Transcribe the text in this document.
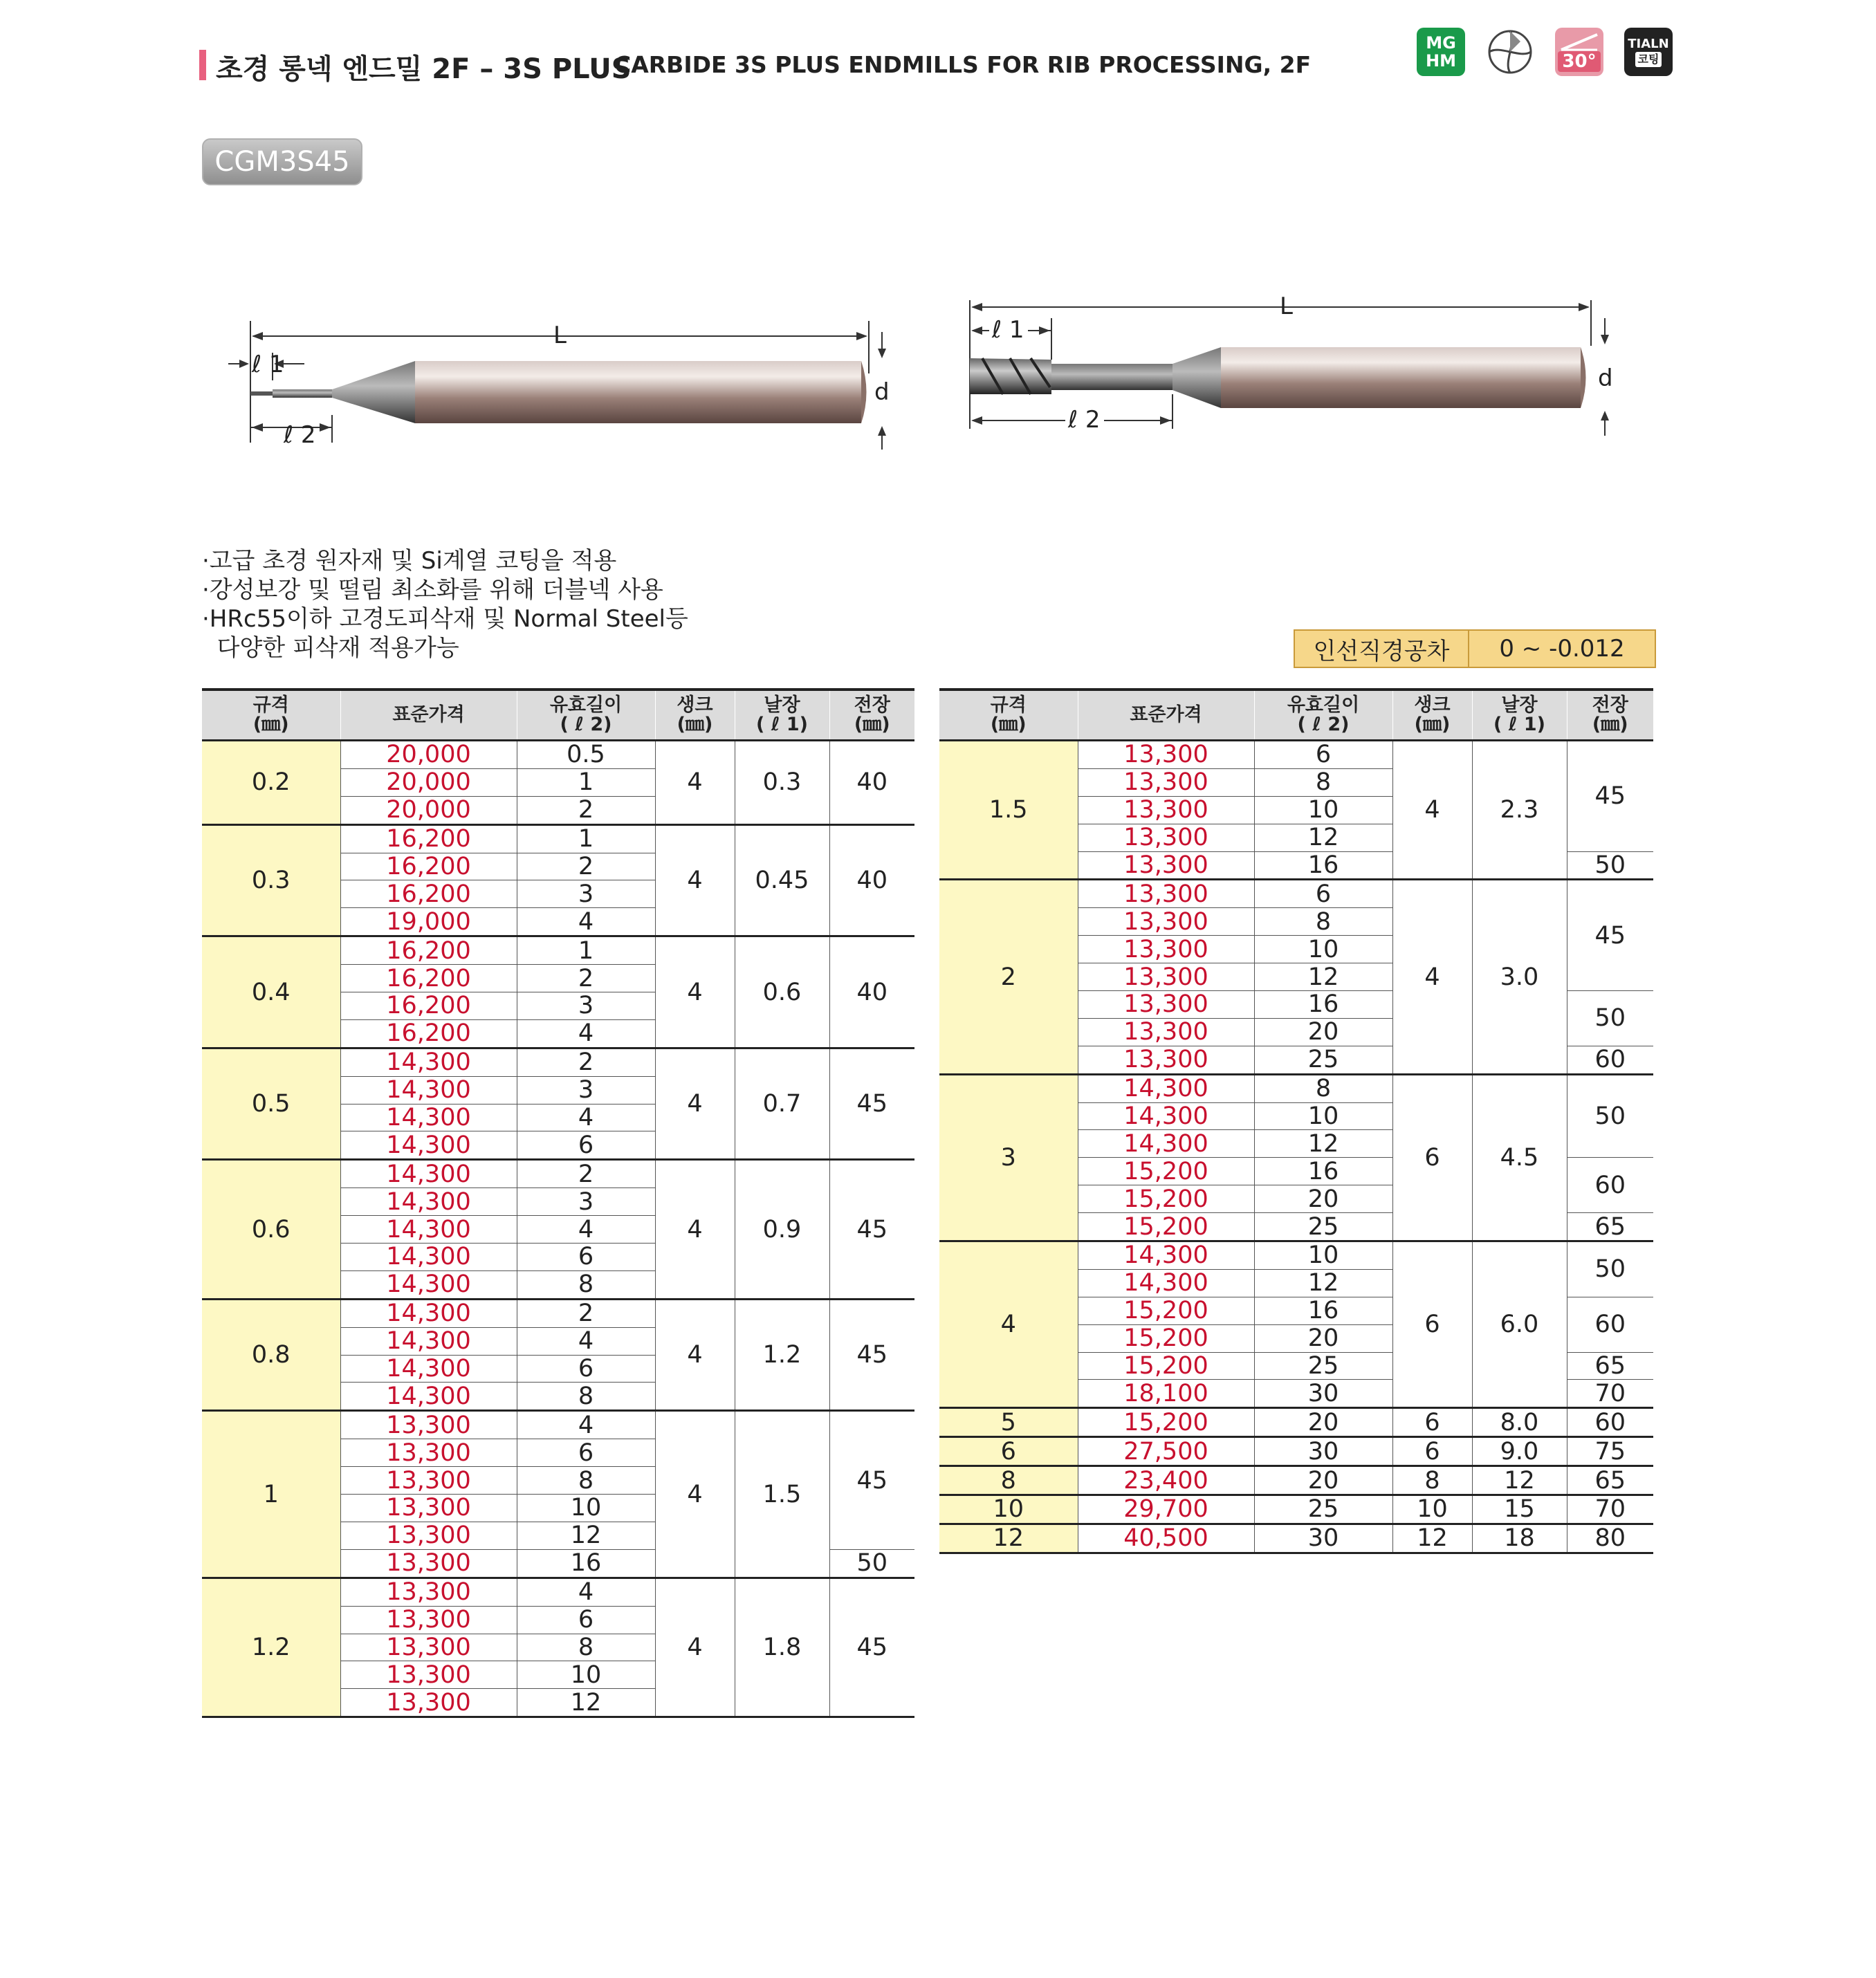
초경 롱넥 엔드밀 2F – 3S PLUS
CARBIDE 3S PLUS ENDMILLS FOR RIB PROCESSING, 2F
MG
HM	30°
TIALN
코팅
CGM3S45
L
ℓ 1
ℓ 2
d
L
ℓ 1
ℓ 2
d
·고급 초경 원자재 및 Si계열 코팅을 적용
·강성보강 및 떨림 최소화를 위해 더블넥 사용
·HRc55이하 고경도피삭재 및 Normal Steel등
다양한 피삭재 적용가능	인선직경공차	0 ~ -0.012
규격
(㎜)	표준가격	유효길이
( ℓ 2)	생크
(㎜)	날장
( ℓ 1)	전장
(㎜)
0.2	20,000	0.5	4	0.3	40
	20,000	1			
	20,000	2			
0.3	16,200	1	4	0.45	40
	16,200	2			
	16,200	3			
	19,000	4			
0.4	16,200	1	4	0.6	40
	16,200	2			
	16,200	3			
	16,200	4			
0.5	14,300	2	4	0.7	45
	14,300	3			
	14,300	4			
	14,300	6			
0.6	14,300	2	4	0.9	45
	14,300	3			
	14,300	4			
	14,300	6			
	14,300	8			
0.8	14,300	2	4	1.2	45
	14,300	4			
	14,300	6			
	14,300	8			
1	13,300	4	4	1.5	45
	13,300	6			
	13,300	8			
	13,300	10			
	13,300	12			
	13,300	16			50
1.2	13,300	4	4	1.8	45
	13,300	6			
	13,300	8			
	13,300	10			
	13,300	12			
규격
(㎜)	표준가격	유효길이
( ℓ 2)	생크
(㎜)	날장
( ℓ 1)	전장
(㎜)
1.5	13,300	6	4	2.3	45
	13,300	8			
	13,300	10			
	13,300	12			
	13,300	16			50
2	13,300	6	4	3.0	45
	13,300	8			
	13,300	10			
	13,300	12			
	13,300	16			50
	13,300	20			
	13,300	25			60
3	14,300	8	6	4.5	50
	14,300	10			
	14,300	12			
	15,200	16			60
	15,200	20			
	15,200	25			65
4	14,300	10	6	6.0	50
	14,300	12			
	15,200	16			60
	15,200	20			
	15,200	25			65
	18,100	30			70
5	15,200	20	6	8.0	60
6	27,500	30	6	9.0	75
8	23,400	20	8	12	65
10	29,700	25	10	15	70
12	40,500	30	12	18	80
